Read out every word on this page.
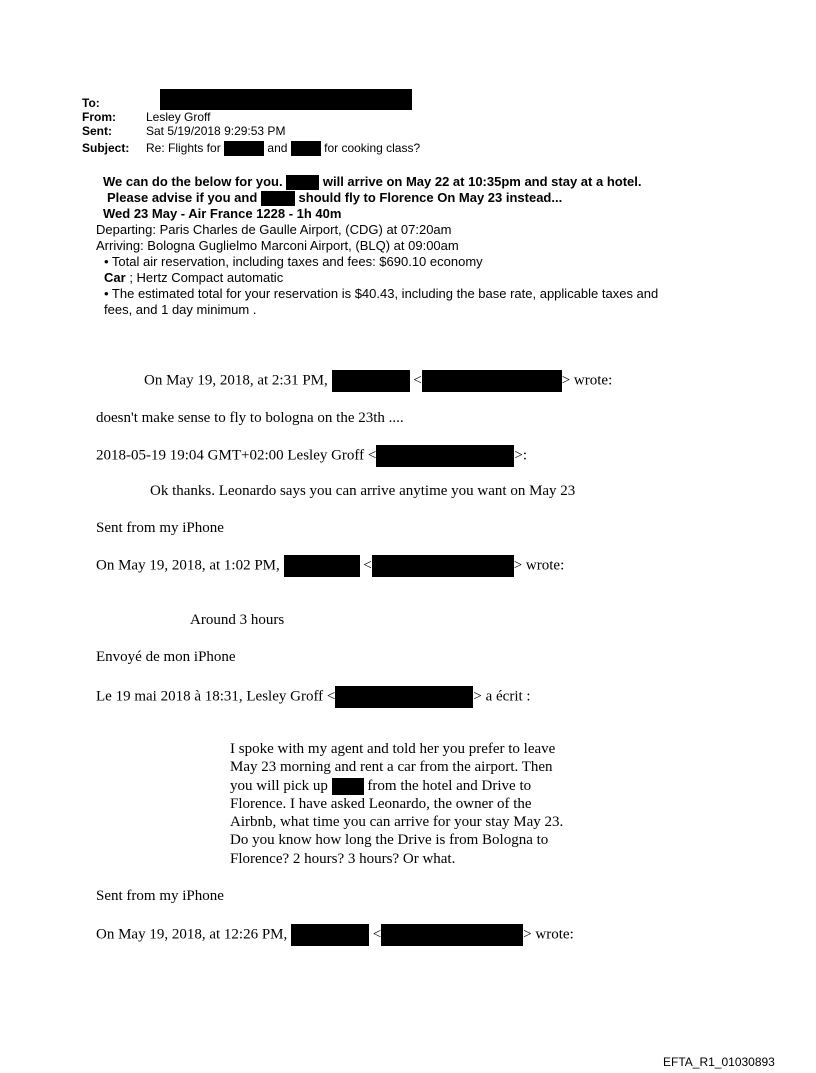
To:
From:	Lesley Groff
Sent:	Sat 5/19/2018 9:29:53 PM
Subject: Re: Flights for	and	for cooking class?
We can do the below for you.	will arrive on May 22 at 10:35pm and stay at a hotel.
Please advise if you and	should fly to Florence On May 23 instead...
Wed 23 May - Air France 1228 - 1h 40m
Departing: Paris Charles de Gaulle Airport, (CDG) at 07:20am
Arriving: Bologna Guglielmo Marconi Airport, (BLQ) at 09:00am
• Total air reservation, including taxes and fees: $690.10 economy
Car ; Hertz Compact automatic
• The estimated total for your reservation is $40.43, including the base rate, applicable taxes and
fees, and 1 day minimum .
On May 19, 2018, at 2:31 PM,	<	> wrote:
doesn't make sense to fly to bologna on the 23th ....
2018-05-19 19:04 GMT+02:00 Lesley Groff <	>:
Ok thanks. Leonardo says you can arrive anytime you want on May 23
Sent from my iPhone
On May 19, 2018, at 1:02 PM,	<	> wrote:
Around 3 hours
Envoyé de mon iPhone
Le 19 mai 2018 à 18:31, Lesley Groff <	> a écrit :
I spoke with my agent and told her you prefer to leave
May 23 morning and rent a car from the airport. Then
you will pick up	from the hotel and Drive to
Florence. I have asked Leonardo, the owner of the
Airbnb, what time you can arrive for your stay May 23.
Do you know how long the Drive is from Bologna to
Florence? 2 hours? 3 hours? Or what.
Sent from my iPhone
On May 19, 2018, at 12:26 PM,	<	> wrote:
EFTA_R1_01030893
